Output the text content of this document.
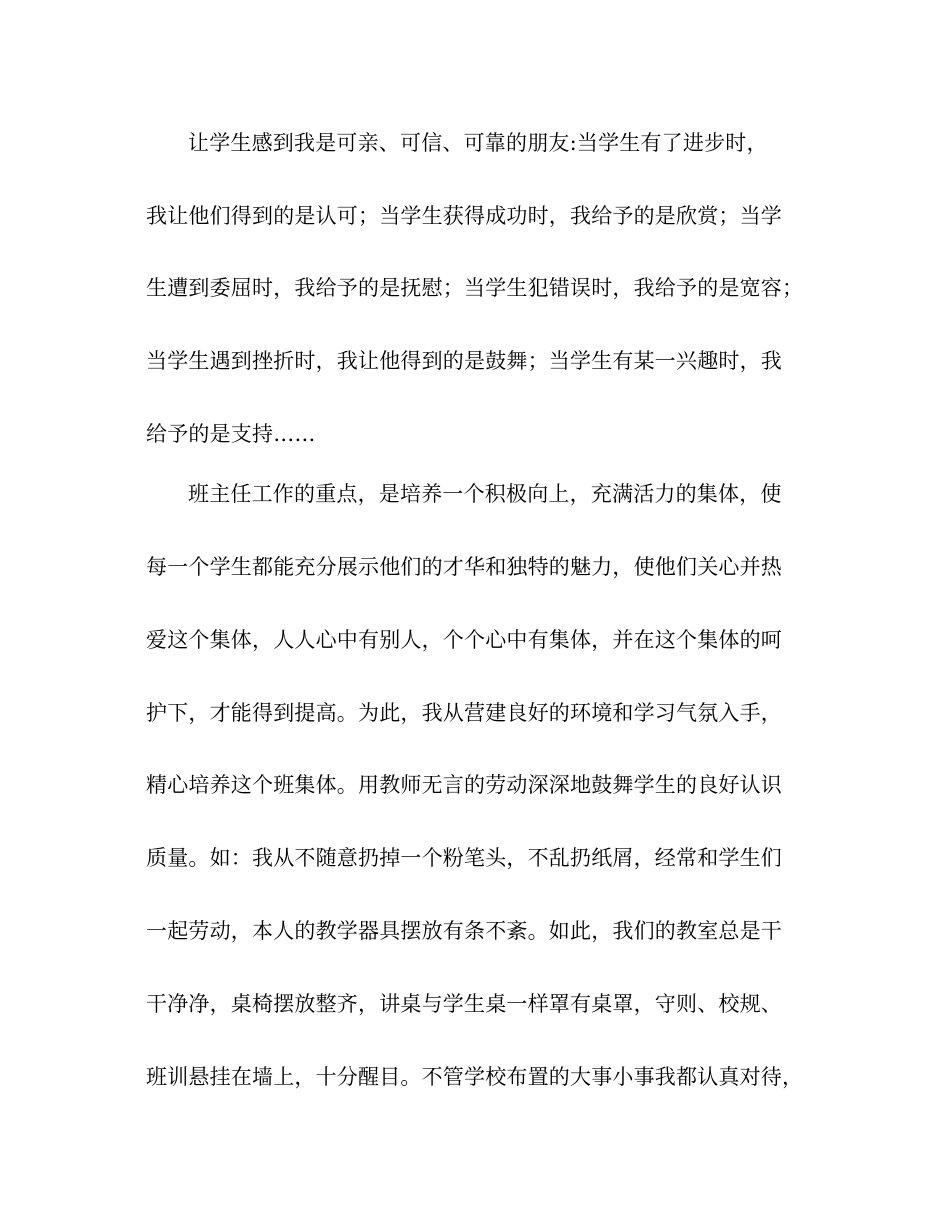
让学生感到我是可亲、可信、可靠的朋友:当学生有了进步时，
我让他们得到的是认可；当学生获得成功时，我给予的是欣赏；当学
生遭到委屈时，我给予的是抚慰；当学生犯错误时，我给予的是宽容；
当学生遇到挫折时，我让他得到的是鼓舞；当学生有某一兴趣时，我
给予的是支持……
班主任工作的重点，是培养一个积极向上，充满活力的集体，使
每一个学生都能充分展示他们的才华和独特的魅力，使他们关心并热
爱这个集体，人人心中有别人，个个心中有集体，并在这个集体的呵
护下，才能得到提高。为此，我从营建良好的环境和学习气氛入手，
精心培养这个班集体。用教师无言的劳动深深地鼓舞学生的良好认识
质量。如：我从不随意扔掉一个粉笔头，不乱扔纸屑，经常和学生们
一起劳动，本人的教学器具摆放有条不紊。如此，我们的教室总是干
干净净，桌椅摆放整齐，讲桌与学生桌一样罩有桌罩，守则、校规、
班训悬挂在墙上，十分醒目。不管学校布置的大事小事我都认真对待，
